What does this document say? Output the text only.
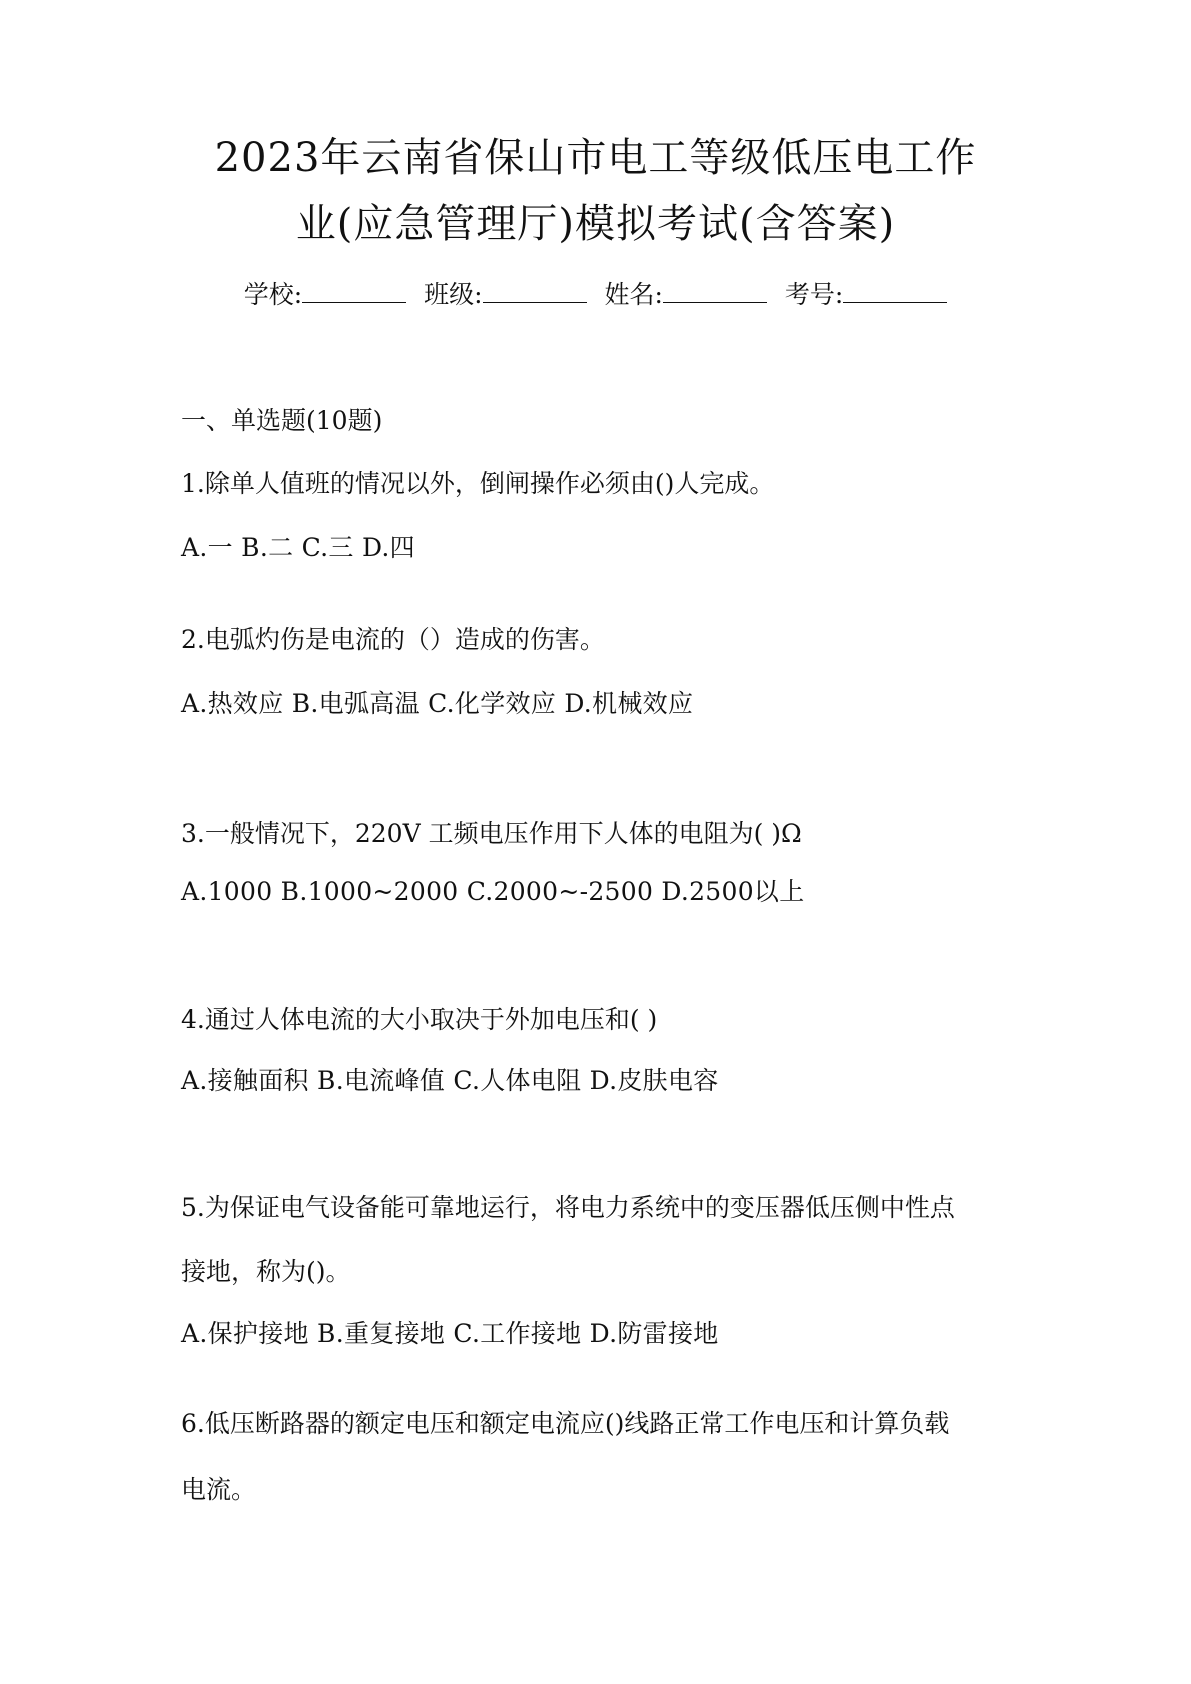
2023年云南省保山市电工等级低压电工作
业(应急管理厅)模拟考试(含答案)
学校:	班级:	姓名:	考号:
一、单选题(10题)
1.除单人值班的情况以外，倒闸操作必须由()人完成。
A.一 B.二 C.三 D.四
2.电弧灼伤是电流的（）造成的伤害。
A.热效应 B.电弧高温 C.化学效应 D.机械效应
3.一般情况下，220V 工频电压作用下人体的电阻为( )Ω
A.1000 B.1000~2000 C.2000~-2500 D.2500以上
4.通过人体电流的大小取决于外加电压和( )
A.接触面积 B.电流峰值 C.人体电阻 D.皮肤电容
5.为保证电气设备能可靠地运行，将电力系统中的变压器低压侧中性点
接地，称为()。
A.保护接地 B.重复接地 C.工作接地 D.防雷接地
6.低压断路器的额定电压和额定电流应()线路正常工作电压和计算负载
电流。
